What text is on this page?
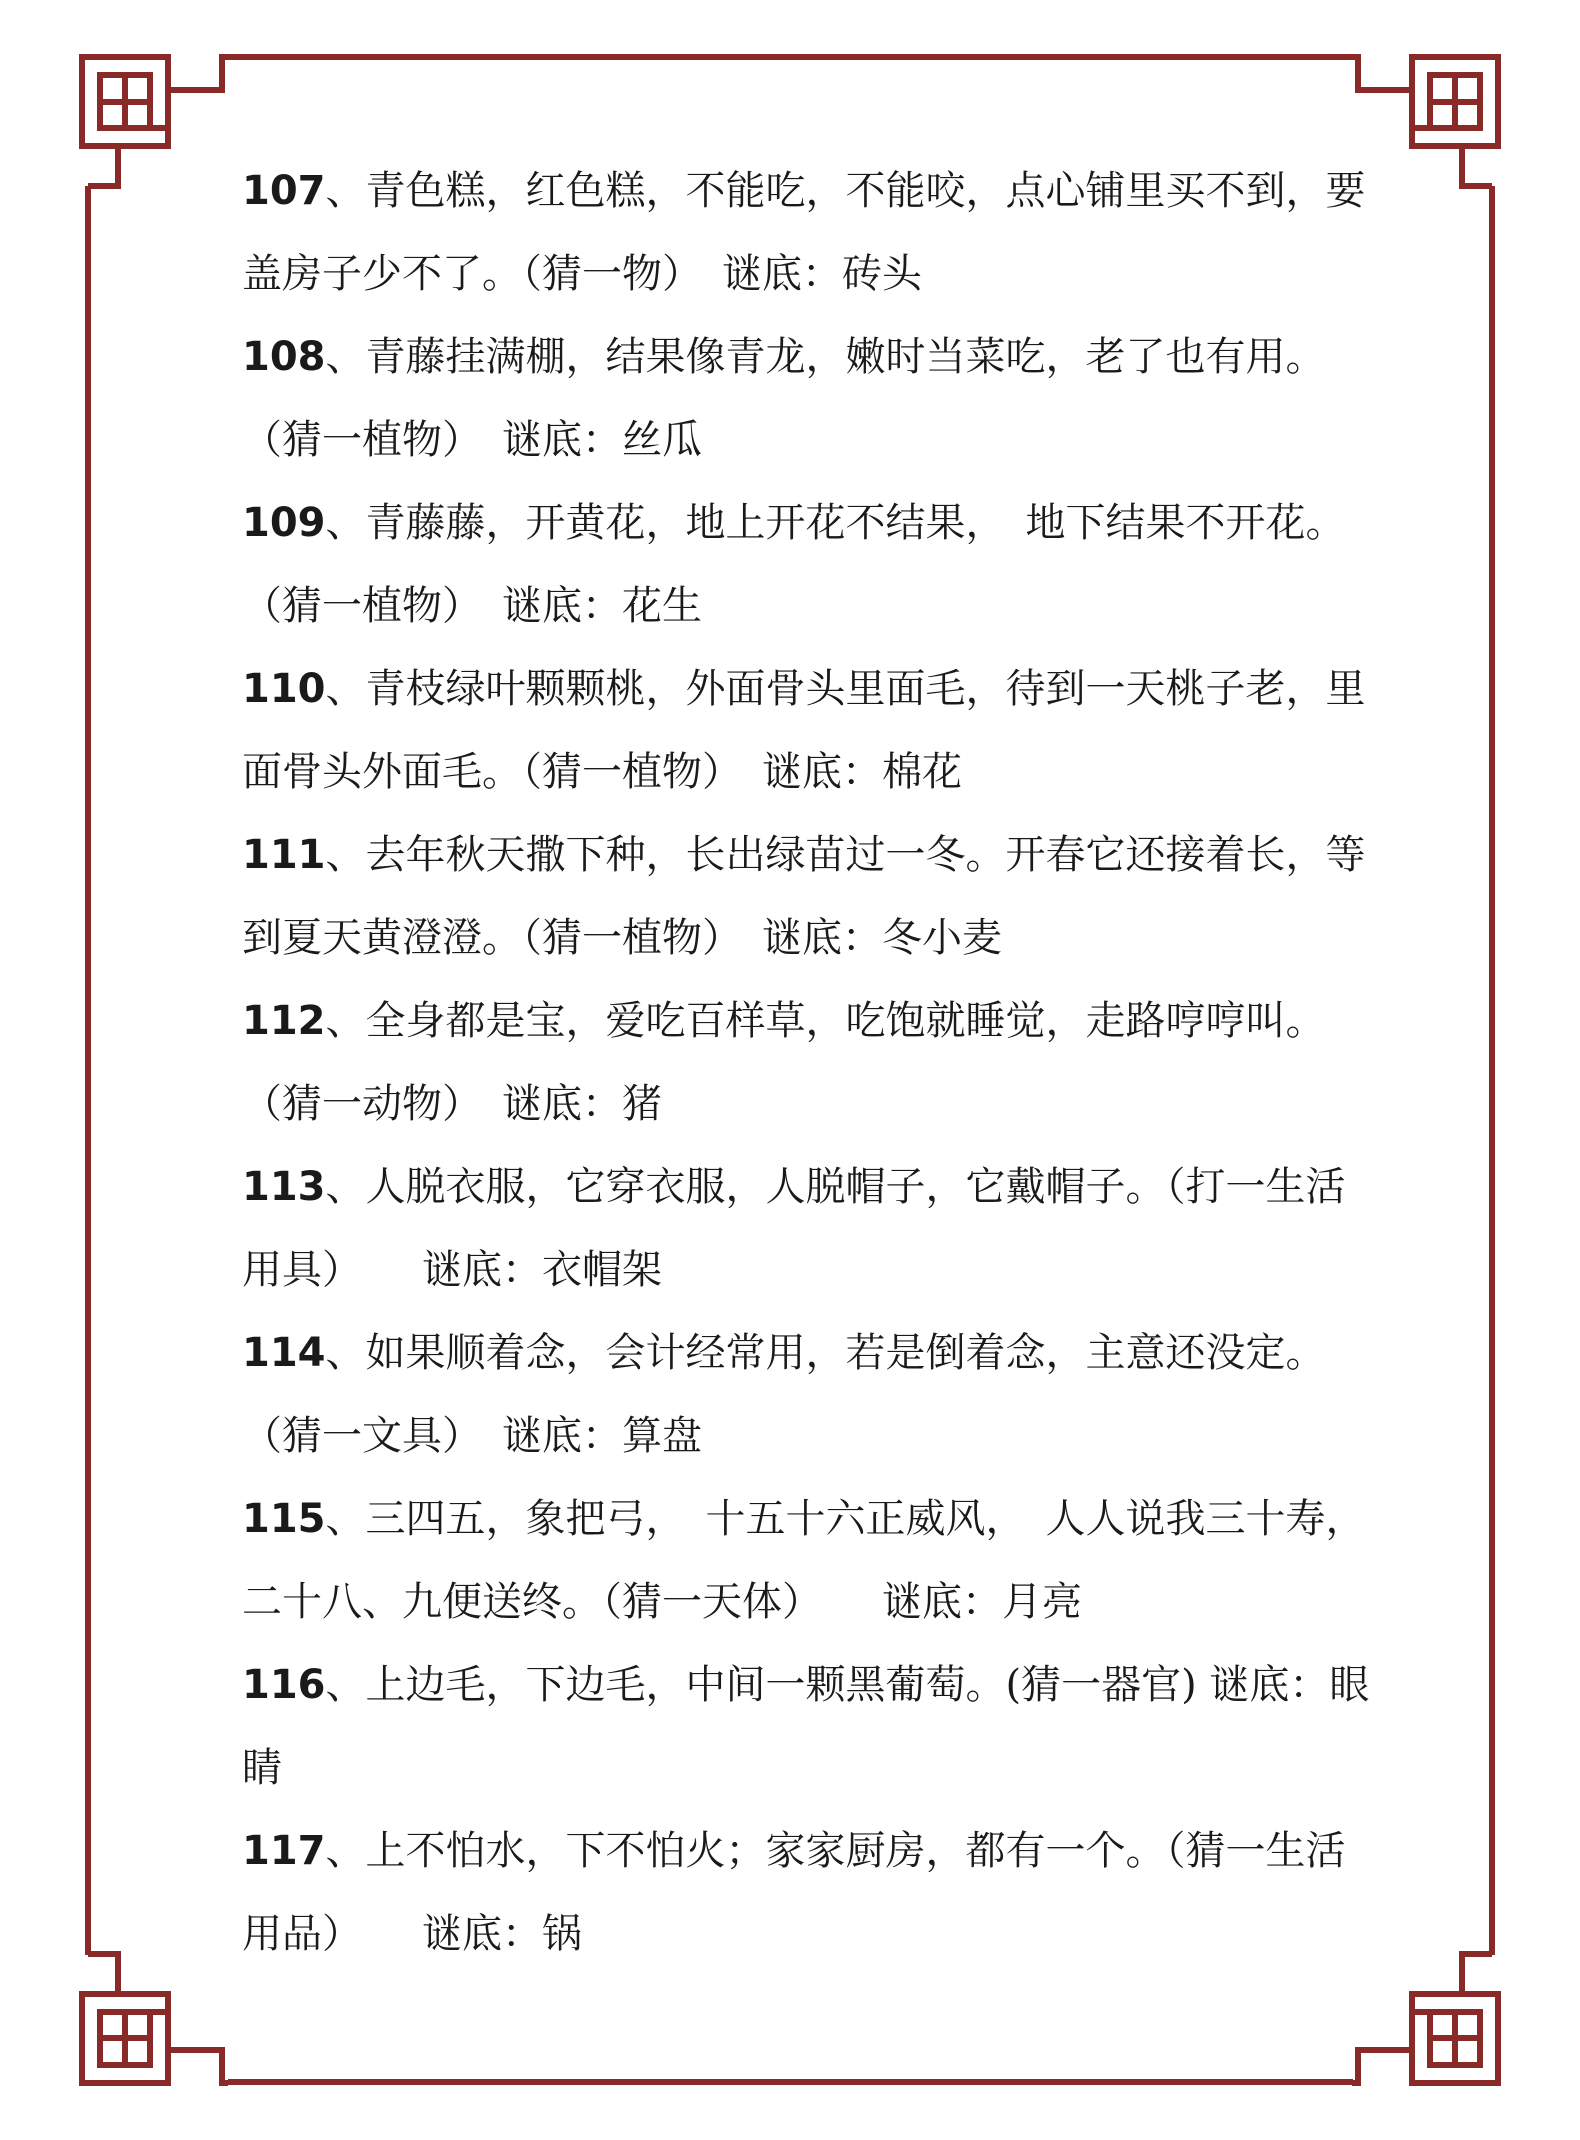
107、青色糕，红色糕，不能吃，不能咬，点心铺里买不到，要盖房子少不了。（猜一物）　谜底：砖头

108、青藤挂满棚，结果像青龙，嫩时当菜吃，老了也有用。（猜一植物）　谜底：丝瓜

109、青藤藤，开黄花，地上开花不结果，　地下结果不开花。（猜一植物）　谜底：花生

110、青枝绿叶颗颗桃，外面骨头里面毛，待到一天桃子老，里面骨头外面毛。（猜一植物）　谜底：棉花

111、去年秋天撒下种，长出绿苗过一冬。开春它还接着长，等到夏天黄澄澄。（猜一植物）　谜底：冬小麦

112、全身都是宝，爱吃百样草，吃饱就睡觉，走路哼哼叫。（猜一动物）　谜底：猪

113、人脱衣服，它穿衣服，人脱帽子，它戴帽子。（打一生活用具）　　谜底：衣帽架

114、如果顺着念，会计经常用，若是倒着念，主意还没定。（猜一文具）　谜底：算盘

115、三四五，象把弓，　十五十六正威风，　人人说我三十寿，　二十八、九便送终。（猜一天体）　　谜底：月亮

116、上边毛，下边毛，中间一颗黑葡萄。(猜一器官) 谜底：眼睛

117、上不怕水，下不怕火；家家厨房，都有一个。（猜一生活用品）　　谜底：锅
